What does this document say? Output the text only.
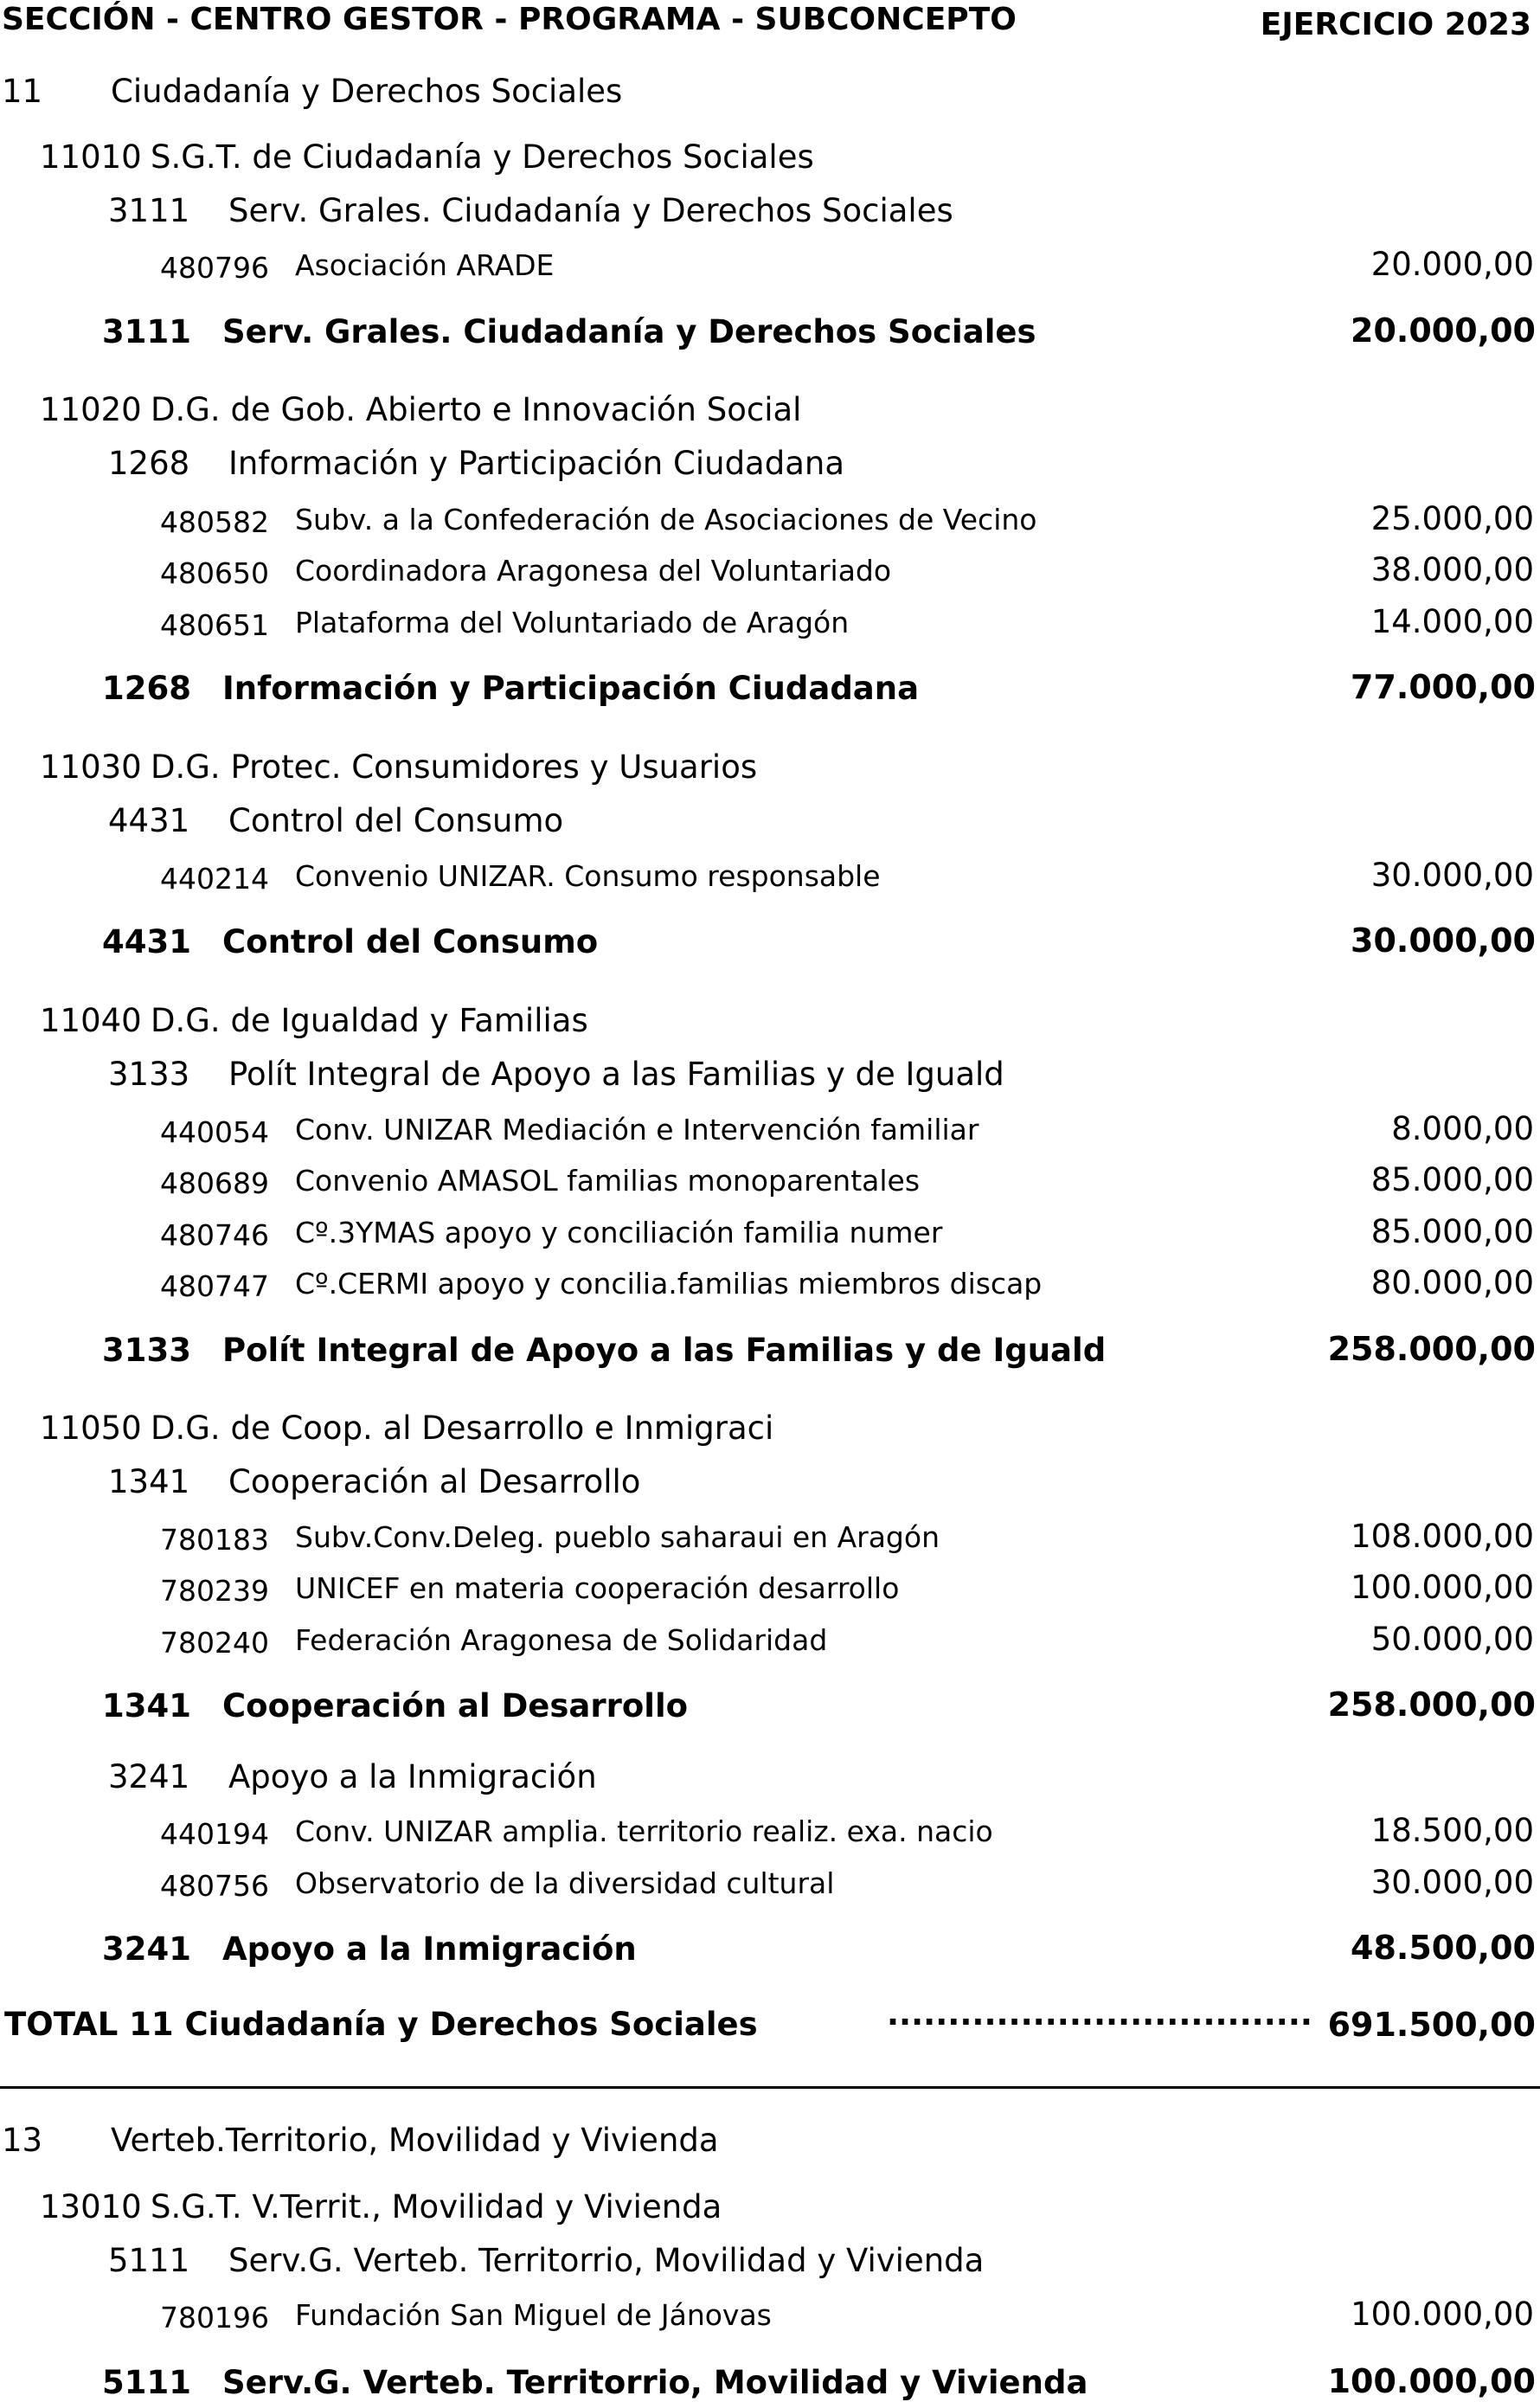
SECCIÓN - CENTRO GESTOR - PROGRAMA - SUBCONCEPTO	EJERCICIO 2023
11 Ciudadanía y Derechos Sociales
11010 S.G.T. de Ciudadanía y Derechos Sociales
3111 Serv. Grales. Ciudadanía y Derechos Sociales
480796 Asociación ARADE	20.000,00
3111 Serv. Grales. Ciudadanía y Derechos Sociales	20.000,00
11020 D.G. de Gob. Abierto e Innovación Social
1268 Información y Participación Ciudadana
480582 Subv. a la Confederación de Asociaciones de Vecino	25.000,00
480650 Coordinadora Aragonesa del Voluntariado	38.000,00
480651 Plataforma del Voluntariado de Aragón	14.000,00
1268 Información y Participación Ciudadana	77.000,00
11030 D.G. Protec. Consumidores y Usuarios
4431 Control del Consumo
440214 Convenio UNIZAR. Consumo responsable	30.000,00
4431 Control del Consumo	30.000,00
11040 D.G. de Igualdad y Familias
3133 Polít Integral de Apoyo a las Familias y de Iguald
440054 Conv. UNIZAR Mediación e Intervención familiar	8.000,00
480689 Convenio AMASOL familias monoparentales	85.000,00
480746 Cº.3YMAS apoyo y conciliación familia numer	85.000,00
480747 Cº.CERMI apoyo y concilia.familias miembros discap	80.000,00
3133 Polít Integral de Apoyo a las Familias y de Iguald	258.000,00
11050 D.G. de Coop. al Desarrollo e Inmigraci
1341 Cooperación al Desarrollo
780183 Subv.Conv.Deleg. pueblo saharaui en Aragón	108.000,00
780239 UNICEF en materia cooperación desarrollo	100.000,00
780240 Federación Aragonesa de Solidaridad	50.000,00
1341 Cooperación al Desarrollo	258.000,00
3241 Apoyo a la Inmigración
440194 Conv. UNIZAR amplia. territorio realiz. exa. nacio	18.500,00
480756 Observatorio de la diversidad cultural	30.000,00
3241 Apoyo a la Inmigración	48.500,00
TOTAL 11 Ciudadanía y Derechos Sociales	................................... 691.500,00
13 Verteb.Territorio, Movilidad y Vivienda
13010 S.G.T. V.Territ., Movilidad y Vivienda
5111 Serv.G. Verteb. Territorrio, Movilidad y Vivienda
780196 Fundación San Miguel de Jánovas	100.000,00
5111 Serv.G. Verteb. Territorrio, Movilidad y Vivienda	100.000,00
